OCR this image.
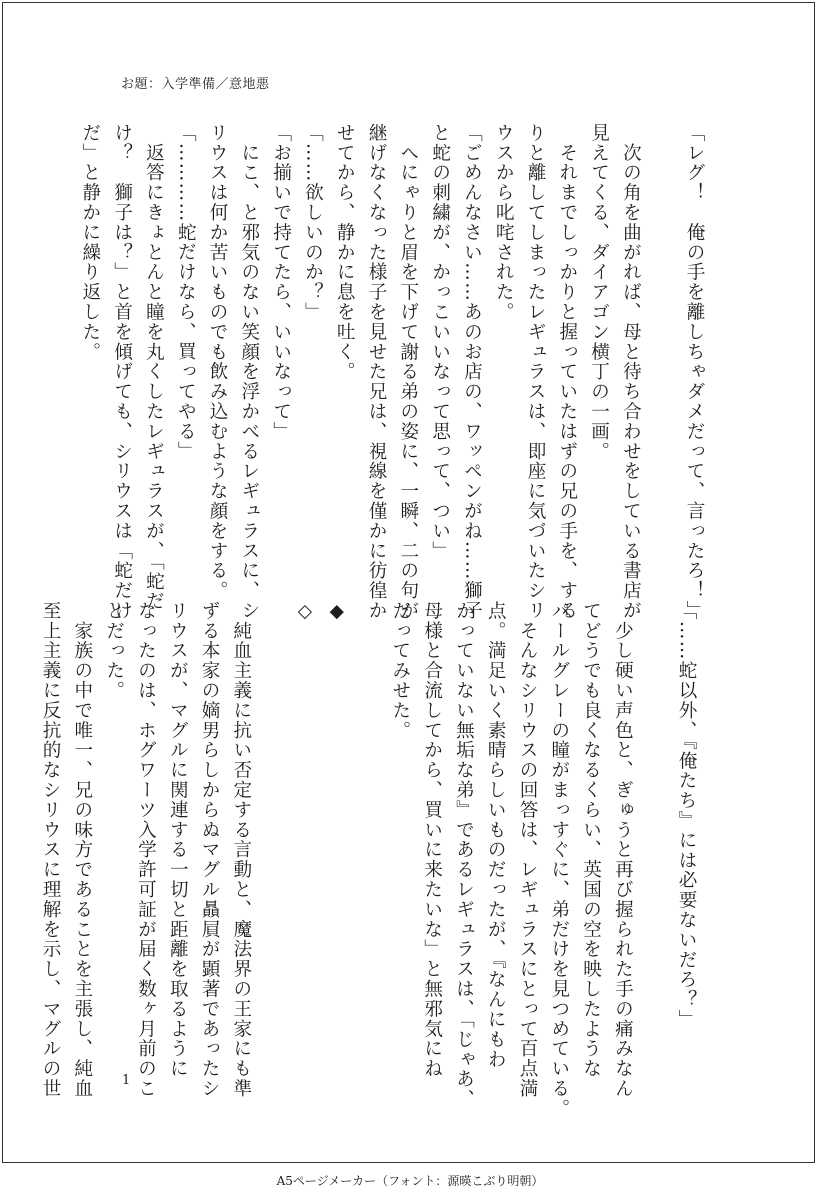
お題：入学準備／意地悪
「レグ！　俺の手を離しちゃダメだって、言ったろ！」

　次の角を曲がれば、母と待ち合わせをしている書店が
見えてくる、ダイアゴン横丁の一画。
　それまでしっかりと握っていたはずの兄の手を、する
りと離してしまったレギュラスは、即座に気づいたシリ
ウスから叱咤された。
「ごめんなさい……あのお店の、ワッペンがね……獅子
と蛇の刺繍が、かっこいいなって思って、つい」
　へにゃりと眉を下げて謝る弟の姿に、一瞬、二の句が
継げなくなった様子を見せた兄は、視線を僅かに彷徨か
せてから、静かに息を吐く。
「……欲しいのか？」
「お揃いで持てたら、いいなって」
　にこ、と邪気のない笑顔を浮かべるレギュラスに、シ
リウスは何か苦いものでも飲み込むような顔をする。
「…………蛇だけなら、買ってやる」
　返答にきょとんと瞳を丸くしたレギュラスが、「蛇だ
け？　獅子は？」と首を傾げても、シリウスは「蛇だけ
だ」と静かに繰り返した。
「……蛇以外、『俺たち』には必要ないだろ？」

　少し硬い声色と、ぎゅうと再び握られた手の痛みなん
てどうでも良くなるくらい、英国の空を映したような
パールグレーの瞳がまっすぐに、弟だけを見つめている。
　そんなシリウスの回答は、レギュラスにとって百点満
点。満足いく素晴らしいものだったが、『なんにもわ
かっていない無垢な弟』であるレギュラスは、「じゃあ、
母様と合流してから、買いに来たいな」と無邪気にね
だってみせた。

◆
◇

　純血主義に抗い否定する言動と、魔法界の王家にも準
ずる本家の嫡男らしからぬマグル贔屓が顕著であったシ
リウスが、マグルに関連する一切と距離を取るように
なったのは、ホグワーツ入学許可証が届く数ヶ月前のこ
とだった。
　家族の中で唯一、兄の味方であることを主張し、純血
至上主義に反抗的なシリウスに理解を示し、マグルの世	1
A5ページメーカー（フォント：源暎こぶり明朝）
